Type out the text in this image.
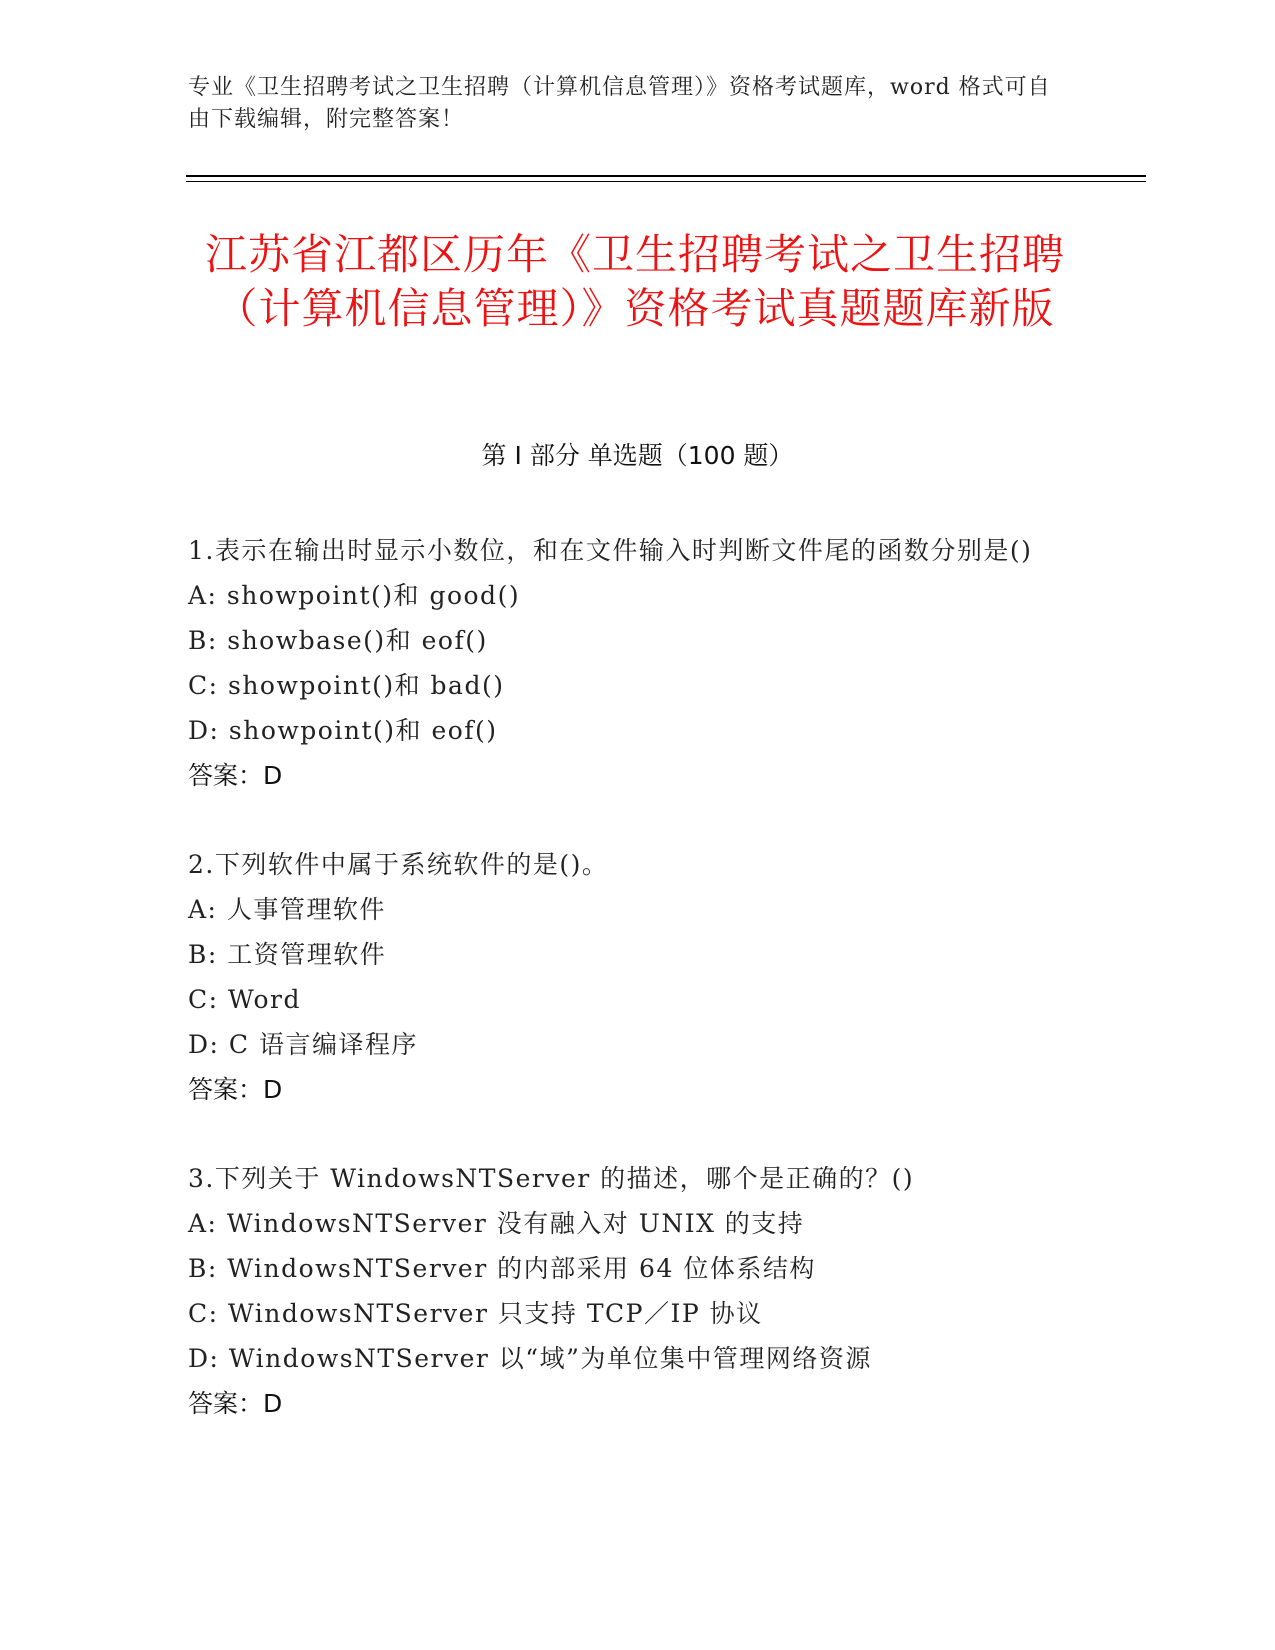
专业《卫生招聘考试之卫生招聘（计算机信息管理）》资格考试题库，word 格式可自由下载编辑，附完整答案！
江苏省江都区历年《卫生招聘考试之卫生招聘（计算机信息管理）》资格考试真题题库新版
第 I 部分 单选题（100 题）
1.表示在输出时显示小数位，和在文件输入时判断文件尾的函数分别是()
A: showpoint()和 good()
B: showbase()和 eof()
C: showpoint()和 bad()
D: showpoint()和 eof()
答案：D
2.下列软件中属于系统软件的是()。
A: 人事管理软件
B: 工资管理软件
C: Word
D: C 语言编译程序
答案：D
3.下列关于 WindowsNTServer 的描述，哪个是正确的？()
A: WindowsNTServer 没有融入对 UNIX 的支持
B: WindowsNTServer 的内部采用 64 位体系结构
C: WindowsNTServer 只支持 TCP／IP 协议
D: WindowsNTServer 以“域”为单位集中管理网络资源
答案：D
